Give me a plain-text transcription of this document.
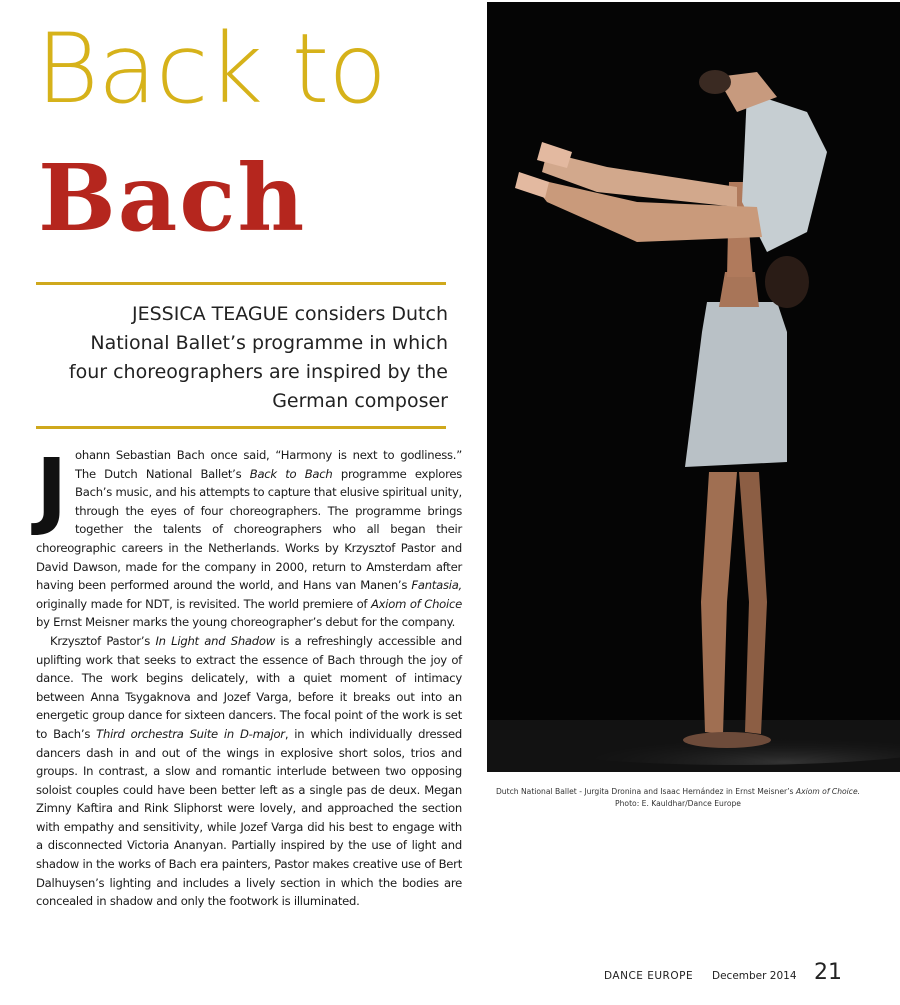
Back to
Bach

JESSICA TEAGUE considers Dutch National Ballet’s programme in which four choreographers are inspired by the German composer

Johann Sebastian Bach once said, “Harmony is next to godliness.” The Dutch National Ballet’s Back to Bach programme explores Bach’s music, and his attempts to capture that elusive spiritual unity, through the eyes of four choreographers. The programme brings together the talents of choreographers who all began their choreographic careers in the Netherlands. Works by Krzysztof Pastor and David Dawson, made for the company in 2000, return to Amsterdam after having been performed around the world, and Hans van Manen’s Fantasia, originally made for NDT, is revisited. The world premiere of Axiom of Choice by Ernst Meisner marks the young choreographer’s debut for the company.

Krzysztof Pastor’s In Light and Shadow is a refreshingly accessible and uplifting work that seeks to extract the essence of Bach through the joy of dance. The work begins delicately, with a quiet moment of intimacy between Anna Tsygaknova and Jozef Varga, before it breaks out into an energetic group dance for sixteen dancers. The focal point of the work is set to Bach’s Third orchestra Suite in D-major, in which individually dressed dancers dash in and out of the wings in explosive short solos, trios and groups. In contrast, a slow and romantic interlude between two opposing soloist couples could have been better left as a single pas de deux. Megan Zimny Kaftira and Rink Sliphorst were lovely, and approached the section with empathy and sensitivity, while Jozef Varga did his best to engage with a disconnected Victoria Ananyan. Partially inspired by the use of light and shadow in the works of Bach era painters, Pastor makes creative use of Bert Dalhuysen’s lighting and includes a lively section in which the bodies are concealed in shadow and only the footwork is illuminated.

Dutch National Ballet - Jurgita Dronina and Isaac Hernández in Ernst Meisner’s Axiom of Choice.
Photo: E. Kauldhar/Dance Europe

DANCE EUROPE December 2014 21
